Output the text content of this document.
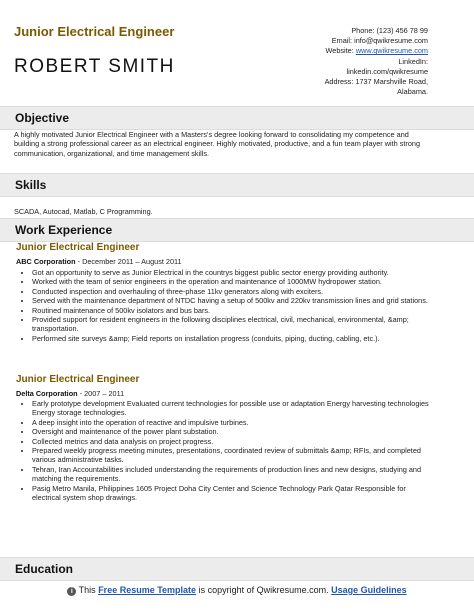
Junior Electrical Engineer
ROBERT SMITH
Phone: (123) 456 78 99
Email: info@qwikresume.com
Website: www.qwikresume.com
LinkedIn:
linkedin.com/qwikresume
Address: 1737 Marshville Road,
Alabama.
Objective
A highly motivated Junior Electrical Engineer with a Masters's degree looking forward to consolidating my competence and building a strong professional career as an electrical engineer. Highly motivated, productive, and a fun team player with strong communication, organizational, and time management skills.
Skills
SCADA, Autocad, Matlab, C Programming.
Work Experience
Junior Electrical Engineer
ABC Corporation - December 2011 – August 2011
• Got an opportunity to serve as Junior Electrical in the countrys biggest public sector energy providing authority.
• Worked with the team of senior engineers in the operation and maintenance of 1000MW hydropower station.
• Conducted inspection and overhauling of three-phase 11kv generators along with exciters.
• Served with the maintenance department of NTDC having a setup of 500kv and 220kv transmission lines and grid stations.
• Routined maintenance of 500kv isolators and bus bars.
• Provided support for resident engineers in the following disciplines electrical, civil, mechanical, environmental, &amp; transportation.
• Performed site surveys &amp; Field reports on installation progress (conduits, piping, ducting, cabling, etc.).
Junior Electrical Engineer
Delta Corporation - 2007 – 2011
• Early prototype development Evaluated current technologies for possible use or adaptation Energy harvesting technologies Energy storage technologies.
• A deep insight into the operation of reactive and impulsive turbines.
• Oversight and maintenance of the power plant substation.
• Collected metrics and data analysis on project progress.
• Prepared weekly progress meeting minutes, presentations, coordinated review of submittals &amp; RFIs, and completed various administrative tasks.
• Tehran, Iran Accountabilities included understanding the requirements of production lines and new designs, studying and matching the requirements.
• Pasig Metro Manila, Philippines 1605 Project Doha City Center and Science Technology Park Qatar Responsible for electrical system shop drawings.
Education
i This Free Resume Template is copyright of Qwikresume.com. Usage Guidelines
